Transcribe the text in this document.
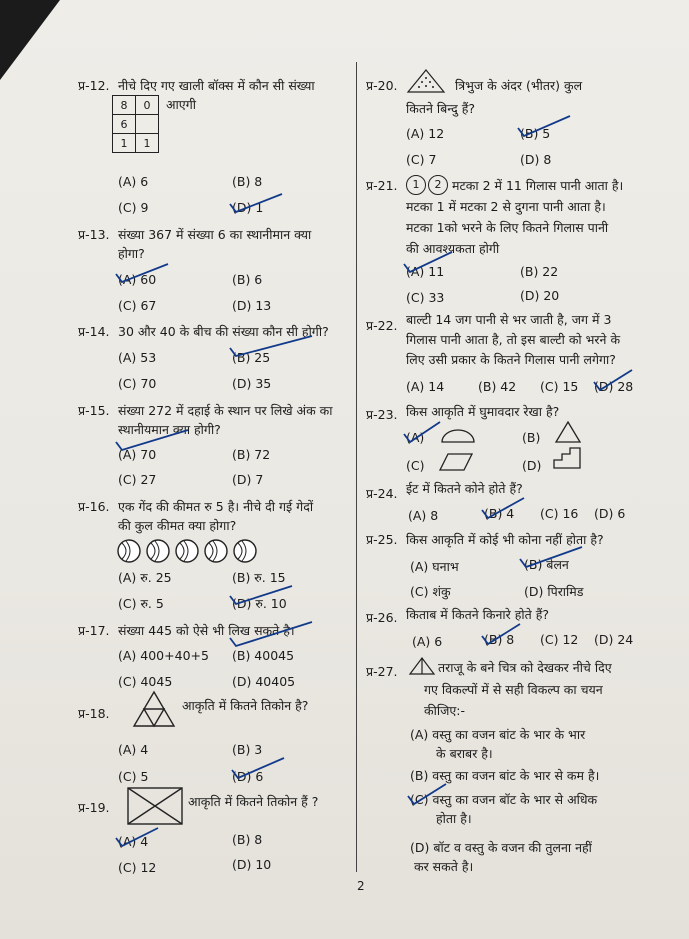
प्र-12. नीचे दिए गए खाली बॉक्स में कौन सी संख्या
8	0
6	
1	1
आएगी
(A) 6	(B) 8
(C) 9	(D) 1
प्र-13. संख्या 367 में संख्या 6 का स्थानीमान क्या
होगा?
(A) 60	(B) 6
(C) 67	(D) 13
प्र-14. 30 और 40 के बीच की संख्या कौन सी होगी?
(A) 53	(B) 25
(C) 70	(D) 35
प्र-15. संख्या 272 में दहाई के स्थान पर लिखे अंक का
स्थानीयमान क्या होगी?
(A) 70	(B) 72
(C) 27	(D) 7
प्र-16. एक गेंद की कीमत रु 5 है। नीचे दी गई गेदों
की कुल कीमत क्या होगा?
(A) रु. 25	(B) रु. 15
(C) रु. 5	(D) रु. 10
प्र-17. संख्या 445 को ऐसे भी लिख सकते है।
(A) 400+40+5 (B) 40045
(C) 4045	(D) 40405
प्र-18.
आकृति में कितने तिकोन है?
(A) 4	(B) 3
(C) 5	(D) 6
प्र-19.	आकृति में कितने तिकोन हैं ?
(A) 4	(B) 8
(C) 12	(D) 10
प्र-20.	त्रिभुज के अंदर (भीतर) कुल
कितने बिन्दु हैं?
(A) 12	(B) 5
(C) 7	(D) 8
प्र-21.	1	2 मटका 2 में 11 गिलास पानी आता है।
मटका 1 में मटका 2 से दुगना पानी आता है।
मटका 1को भरने के लिए कितने गिलास पानी
की आवश्यकता होगी
(A) 11	(B) 22
(C) 33	(D) 20
प्र-22. बाल्टी 14 जग पानी से भर जाती है, जग में 3
गिलास पानी आता है, तो इस बाल्टी को भरने के
लिए उसी प्रकार के कितने गिलास पानी लगेगा?
(A) 14	(B) 42 (C) 15 (D) 28
प्र-23. किस आकृति में घुमावदार रेखा है?
(A)	(B)
(C)	(D)
प्र-24. ईट में कितने कोने होते हैं?
(A) 8	(B) 4 (C) 16 (D) 6
प्र-25. किस आकृति में कोई भी कोना नहीं होता है?
(A) घनाभ	(B) बेलन
(C) शंकु	(D) पिरामिड
प्र-26. किताब में कितने किनारे होते हैं?
(A) 6	(B) 8 (C) 12 (D) 24
प्र-27.	तराजू के बने चित्र को देखकर नीचे दिए
गए विकल्पों में से सही विकल्प का चयन
कीजिए:-
(A) वस्तु का वजन बांट के भार के भार
के बराबर है।
(B) वस्तु का वजन बांट के भार से कम है।
(C) वस्तु का वजन बॉट के भार से अधिक
होता है।
(D) बॉट व वस्तु के वजन की तुलना नहीं
कर सकते है।
2
